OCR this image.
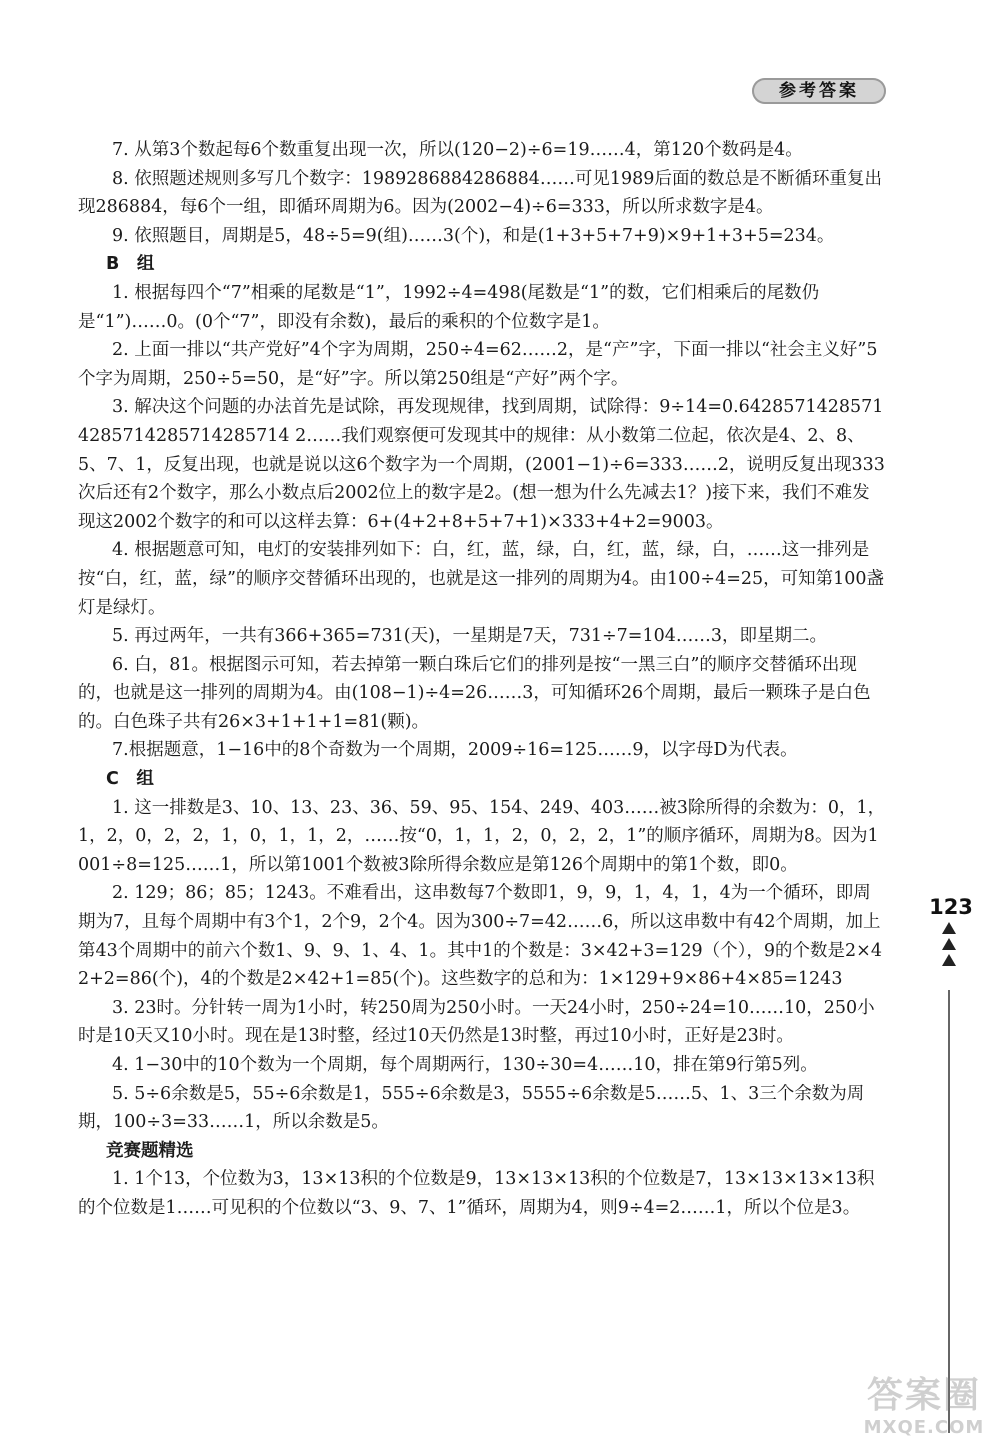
参考答案

7. 从第3个数起每6个数重复出现一次，所以(120−2)÷6=19……4，第120个数码是4。

8. 依照题述规则多写几个数字：1989286884286884……可见1989后面的数总是不断循环重复出现286884，每6个一组，即循环周期为6。因为(2002−4)÷6=333，所以所求数字是4。

9. 依照题目，周期是5，48÷5=9(组)……3(个)，和是(1+3+5+7+9)×9+1+3+5=234。

B　组

1. 根据每四个“7”相乘的尾数是“1”，1992÷4=498(尾数是“1”的数，它们相乘后的尾数仍是“1”)……0。(0个“7”，即没有余数)，最后的乘积的个位数字是1。

2. 上面一排以“共产党好”4个字为周期，250÷4=62……2，是“产”字，下面一排以“社会主义好”5个字为周期，250÷5=50，是“好”字。所以第250组是“产好”两个字。

3. 解决这个问题的办法首先是试除，再发现规律，找到周期，试除得：9÷14=0.64285714285714285714285714285714 2……我们观察便可发现其中的规律：从小数第二位起，依次是4、2、8、5、7、1，反复出现，也就是说以这6个数字为一个周期，(2001−1)÷6=333……2，说明反复出现333次后还有2个数字，那么小数点后2002位上的数字是2。(想一想为什么先减去1？)接下来，我们不难发现这2002个数字的和可以这样去算：6+(4+2+8+5+7+1)×333+4+2=9003。

4. 根据题意可知，电灯的安装排列如下：白，红，蓝，绿，白，红，蓝，绿，白，……这一排列是按“白，红，蓝，绿”的顺序交替循环出现的，也就是这一排列的周期为4。由100÷4=25，可知第100盏灯是绿灯。

5. 再过两年，一共有366+365=731(天)，一星期是7天，731÷7=104……3，即星期二。

6. 白，81。根据图示可知，若去掉第一颗白珠后它们的排列是按“一黑三白”的顺序交替循环出现的，也就是这一排列的周期为4。由(108−1)÷4=26……3，可知循环26个周期，最后一颗珠子是白色的。白色珠子共有26×3+1+1+1=81(颗)。

7.根据题意，1−16中的8个奇数为一个周期，2009÷16=125……9，以字母D为代表。

C　组

1. 这一排数是3、10、13、23、36、59、95、154、249、403……被3除所得的余数为：0，1，1，2，0，2，2，1，0，1，1，2，……按“0，1，1，2，0，2，2，1”的顺序循环，周期为8。因为1001÷8=125……1，所以第1001个数被3除所得余数应是第126个周期中的第1个数，即0。

2. 129；86；85；1243。不难看出，这串数每7个数即1，9，9，1，4，1，4为一个循环，即周期为7，且每个周期中有3个1，2个9，2个4。因为300÷7=42……6，所以这串数中有42个周期，加上第43个周期中的前六个数1、9、9、1、4、1。其中1的个数是：3×42+3=129（个），9的个数是2×42+2=86(个)，4的个数是2×42+1=85(个)。这些数字的总和为：1×129+9×86+4×85=1243

3. 23时。分针转一周为1小时，转250周为250小时。一天24小时，250÷24=10……10，250小时是10天又10小时。现在是13时整，经过10天仍然是13时整，再过10小时，正好是23时。

4. 1−30中的10个数为一个周期，每个周期两行，130÷30=4……10，排在第9行第5列。

5. 5÷6余数是5，55÷6余数是1，555÷6余数是3，5555÷6余数是5……5、1、3三个余数为周期，100÷3=33……1，所以余数是5。

竞赛题精选

1. 1个13，个位数为3，13×13积的个位数是9，13×13×13积的个位数是7，13×13×13×13积的个位数是1……可见积的个位数以“3、9、7、1”循环，周期为4，则9÷4=2……1，所以个位是3。

123
答案圈
MXQE.COM
